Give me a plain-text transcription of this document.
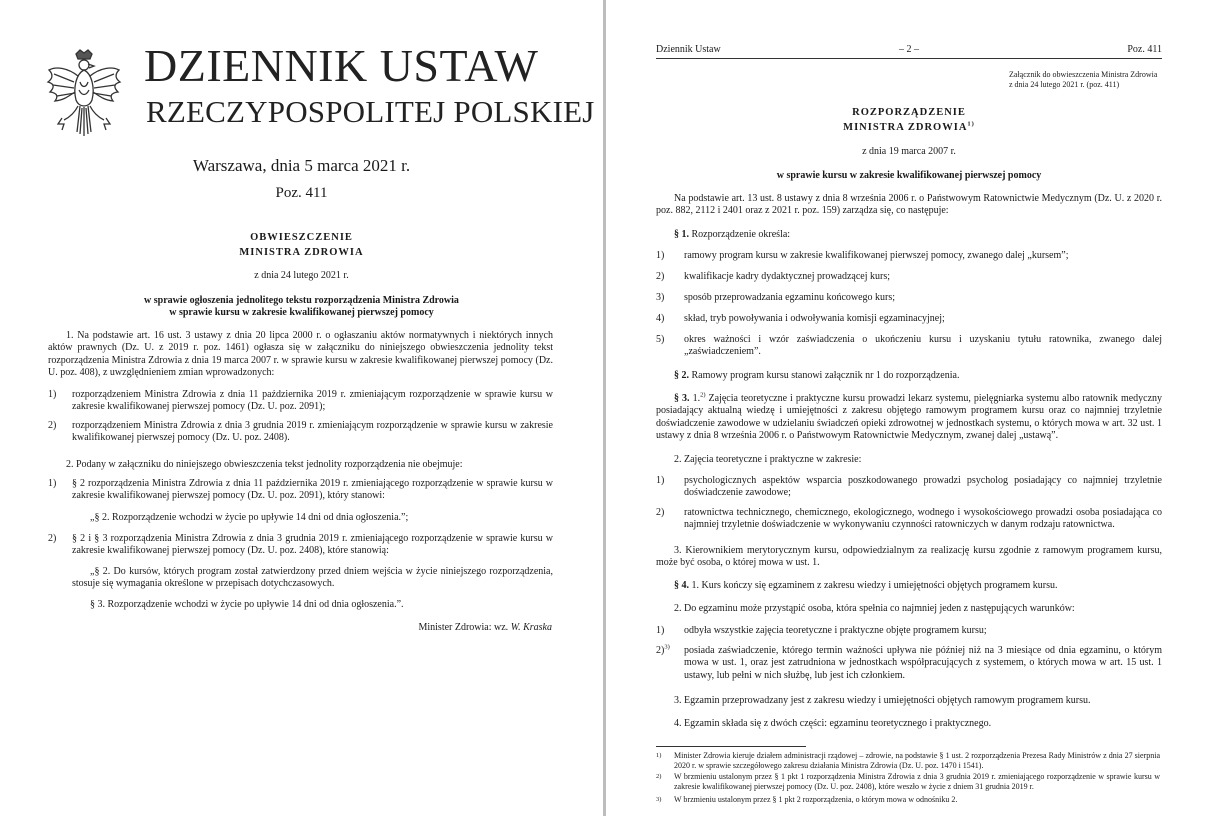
DZIENNIK USTAW
RZECZYPOSPOLITEJ POLSKIEJ

Warszawa, dnia 5 marca 2021 r.

Poz. 411

OBWIESZCZENIE

MINISTRA ZDROWIA

z dnia 24 lutego 2021 r.

w sprawie ogłoszenia jednolitego tekstu rozporządzenia Ministra Zdrowia

w sprawie kursu w zakresie kwalifikowanej pierwszej pomocy

1. Na podstawie art. 16 ust. 3 ustawy z dnia 20 lipca 2000 r. o ogłaszaniu aktów normatywnych i niektórych innych aktów prawnych (Dz. U. z 2019 r. poz. 1461) ogłasza się w załączniku do niniejszego obwieszczenia jednolity tekst rozporządzenia Ministra Zdrowia z dnia 19 marca 2007 r. w sprawie kursu w zakresie kwalifikowanej pierwszej pomocy (Dz. U. poz. 408), z uwzględnieniem zmian wprowadzonych:

1) rozporządzeniem Ministra Zdrowia z dnia 11 października 2019 r. zmieniającym rozporządzenie w sprawie kursu w zakresie kwalifikowanej pierwszej pomocy (Dz. U. poz. 2091);
2) rozporządzeniem Ministra Zdrowia z dnia 3 grudnia 2019 r. zmieniającym rozporządzenie w sprawie kursu w zakresie kwalifikowanej pierwszej pomocy (Dz. U. poz. 2408).

2. Podany w załączniku do niniejszego obwieszczenia tekst jednolity rozporządzenia nie obejmuje:

1) § 2 rozporządzenia Ministra Zdrowia z dnia 11 października 2019 r. zmieniającego rozporządzenie w sprawie kursu w zakresie kwalifikowanej pierwszej pomocy (Dz. U. poz. 2091), który stanowi:

„§ 2. Rozporządzenie wchodzi w życie po upływie 14 dni od dnia ogłoszenia.”;

2) § 2 i § 3 rozporządzenia Ministra Zdrowia z dnia 3 grudnia 2019 r. zmieniającego rozporządzenie w sprawie kursu w zakresie kwalifikowanej pierwszej pomocy (Dz. U. poz. 2408), które stanowią:

„§ 2. Do kursów, których program został zatwierdzony przed dniem wejścia w życie niniejszego rozporządzenia, stosuje się wymagania określone w przepisach dotychczasowych.

§ 3. Rozporządzenie wchodzi w życie po upływie 14 dni od dnia ogłoszenia.”.

Minister Zdrowia: wz. W. Kraska

Dziennik Ustaw	– 2 –	Poz. 411
Załącznik do obwieszczenia Ministra Zdrowia
z dnia 24 lutego 2021 r. (poz. 411)

ROZPORZĄDZENIE

MINISTRA ZDROWIA$^{1)}$

z dnia 19 marca 2007 r.

w sprawie kursu w zakresie kwalifikowanej pierwszej pomocy

Na podstawie art. 13 ust. 8 ustawy z dnia 8 września 2006 r. o Państwowym Ratownictwie Medycznym (Dz. U. z 2020 r. poz. 882, 2112 i 2401 oraz z 2021 r. poz. 159) zarządza się, co następuje:

§ 1. Rozporządzenie określa:

1) ramowy program kursu w zakresie kwalifikowanej pierwszej pomocy, zwanego dalej „kursem”;
2) kwalifikacje kadry dydaktycznej prowadzącej kurs;
3) sposób przeprowadzania egzaminu końcowego kurs;
4) skład, tryb powoływania i odwoływania komisji egzaminacyjnej;
5) okres ważności i wzór zaświadczenia o ukończeniu kursu i uzyskaniu tytułu ratownika, zwanego dalej „zaświadczeniem”.

§ 2. Ramowy program kursu stanowi załącznik nr 1 do rozporządzenia.

§ 3. 1.$^{2)}$ Zajęcia teoretyczne i praktyczne kursu prowadzi lekarz systemu, pielęgniarka systemu albo ratownik medyczny posiadający aktualną wiedzę i umiejętności z zakresu objętego ramowym programem kursu oraz co najmniej trzyletnie doświadczenie zawodowe w udzielaniu świadczeń opieki zdrowotnej w jednostkach systemu, o których mowa w art. 32 ust. 1 ustawy z dnia 8 września 2006 r. o Państwowym Ratownictwie Medycznym, zwanej dalej „ustawą”.

2. Zajęcia teoretyczne i praktyczne w zakresie:

1) psychologicznych aspektów wsparcia poszkodowanego prowadzi psycholog posiadający co najmniej trzyletnie doświadczenie zawodowe;
2) ratownictwa technicznego, chemicznego, ekologicznego, wodnego i wysokościowego prowadzi osoba posiadająca co najmniej trzyletnie doświadczenie w wykonywaniu czynności ratowniczych w danym rodzaju ratownictwa.

3. Kierownikiem merytorycznym kursu, odpowiedzialnym za realizację kursu zgodnie z ramowym programem kursu, może być osoba, o której mowa w ust. 1.

§ 4. 1. Kurs kończy się egzaminem z zakresu wiedzy i umiejętności objętych programem kursu.

2. Do egzaminu może przystąpić osoba, która spełnia co najmniej jeden z następujących warunków:

1) odbyła wszystkie zajęcia teoretyczne i praktyczne objęte programem kursu;
2)$^{3)}$ posiada zaświadczenie, którego termin ważności upływa nie później niż na 3 miesiące od dnia egzaminu, o którym mowa w ust. 1, oraz jest zatrudniona w jednostkach współpracujących z systemem, o których mowa w art. 15 ust. 1 ustawy, lub pełni w nich służbę, lub jest ich członkiem.

3. Egzamin przeprowadzany jest z zakresu wiedzy i umiejętności objętych ramowym programem kursu.

4. Egzamin składa się z dwóch części: egzaminu teoretycznego i praktycznego.

1) Minister Zdrowia kieruje działem administracji rządowej – zdrowie, na podstawie § 1 ust. 2 rozporządzenia Prezesa Rady Ministrów z dnia 27 sierpnia 2020 r. w sprawie szczegółowego zakresu działania Ministra Zdrowia (Dz. U. poz. 1470 i 1541).
2) W brzmieniu ustalonym przez § 1 pkt 1 rozporządzenia Ministra Zdrowia z dnia 3 grudnia 2019 r. zmieniającego rozporządzenie w sprawie kursu w zakresie kwalifikowanej pierwszej pomocy (Dz. U. poz. 2408), które weszło w życie z dniem 31 grudnia 2019 r.
3) W brzmieniu ustalonym przez § 1 pkt 2 rozporządzenia, o którym mowa w odnośniku 2.
